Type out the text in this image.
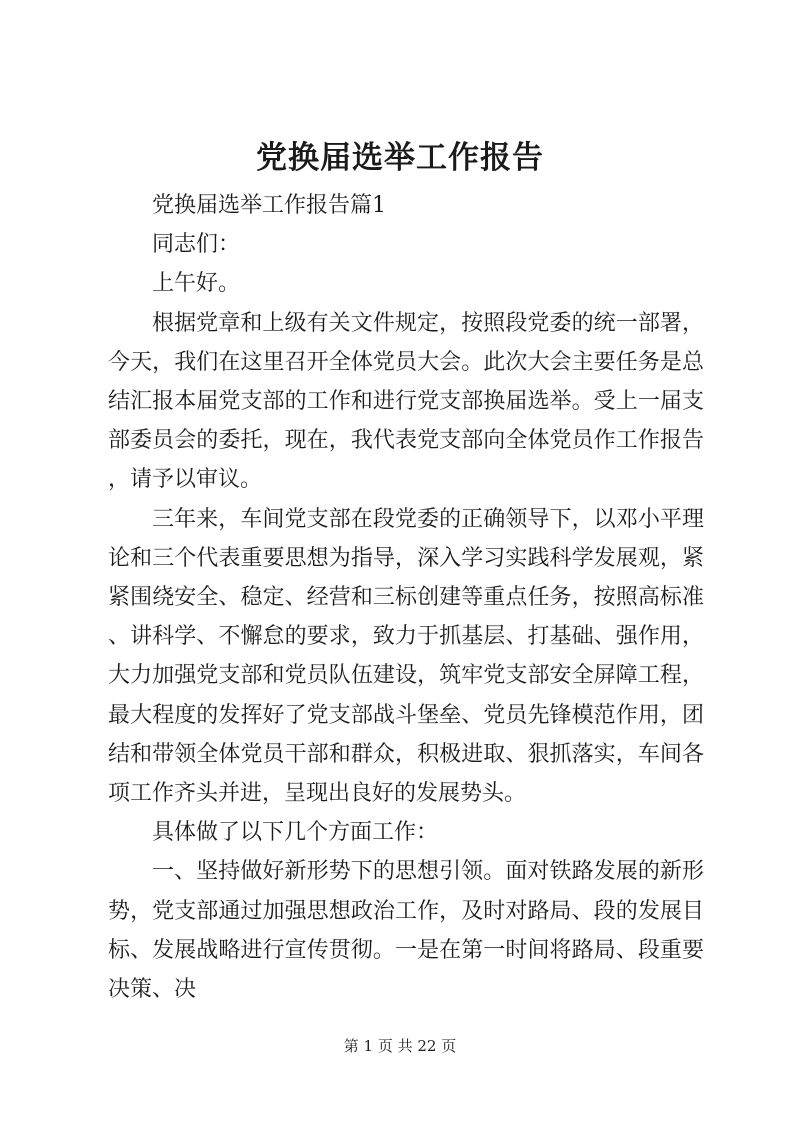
党换届选举工作报告

党换届选举工作报告篇1

同志们：

上午好。

根据党章和上级有关文件规定，按照段党委的统一部署，今天，我们在这里召开全体党员大会。此次大会主要任务是总结汇报本届党支部的工作和进行党支部换届选举。受上一届支部委员会的委托，现在，我代表党支部向全体党员作工作报告，请予以审议。

三年来，车间党支部在段党委的正确领导下，以邓小平理论和三个代表重要思想为指导，深入学习实践科学发展观，紧紧围绕安全、稳定、经营和三标创建等重点任务，按照高标准、讲科学、不懈怠的要求，致力于抓基层、打基础、强作用，大力加强党支部和党员队伍建设，筑牢党支部安全屏障工程，最大程度的发挥好了党支部战斗堡垒、党员先锋模范作用，团结和带领全体党员干部和群众，积极进取、狠抓落实，车间各项工作齐头并进，呈现出良好的发展势头。

具体做了以下几个方面工作：

一、坚持做好新形势下的思想引领。面对铁路发展的新形势，党支部通过加强思想政治工作，及时对路局、段的发展目标、发展战略进行宣传贯彻。一是在第一时间将路局、段重要决策、决

第 1 页 共 22 页
